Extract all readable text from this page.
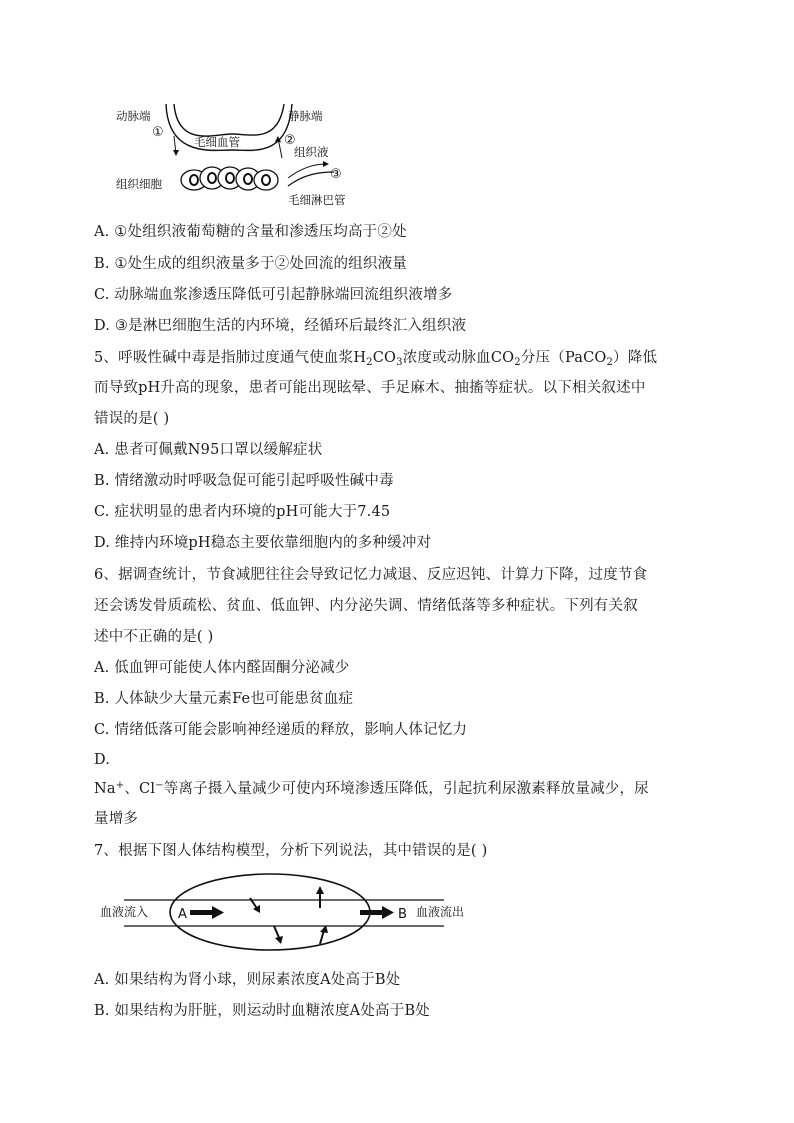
动脉端
①
毛细血管
静脉端
②
组织液
组织细胞
③
毛细淋巴管
A. ①处组织液葡萄糖的含量和渗透压均高于②处
B. ①处生成的组织液量多于②处回流的组织液量
C. 动脉端血浆渗透压降低可引起静脉端回流组织液增多
D. ③是淋巴细胞生活的内环境，经循环后最终汇入组织液
5、呼吸性碱中毒是指肺过度通气使血浆$H_2CO_3$浓度或动脉血$CO_2$分压（PaCO$_2$）降低
而导致pH升高的现象，患者可能出现眩晕、手足麻木、抽搐等症状。以下相关叙述中
错误的是( )
A. 患者可佩戴N95口罩以缓解症状
B. 情绪激动时呼吸急促可能引起呼吸性碱中毒
C. 症状明显的患者内环境的pH可能大于7.45
D. 维持内环境pH稳态主要依靠细胞内的多种缓冲对
6、据调查统计，节食减肥往往会导致记忆力减退、反应迟钝、计算力下降，过度节食
还会诱发骨质疏松、贫血、低血钾、内分泌失调、情绪低落等多种症状。下列有关叙
述中不正确的是( )
A. 低血钾可能使人体内醛固酮分泌减少
B. 人体缺少大量元素Fe也可能患贫血症
C. 情绪低落可能会影响神经递质的释放，影响人体记忆力
D.
Na+、Cl−等离子摄入量减少可使内环境渗透压降低，引起抗利尿激素释放量减少，尿
量增多
7、根据下图人体结构模型，分析下列说法，其中错误的是( )
血液流入 A	B 血液流出
A. 如果结构为肾小球，则尿素浓度A处高于B处
B. 如果结构为肝脏，则运动时血糖浓度A处高于B处
